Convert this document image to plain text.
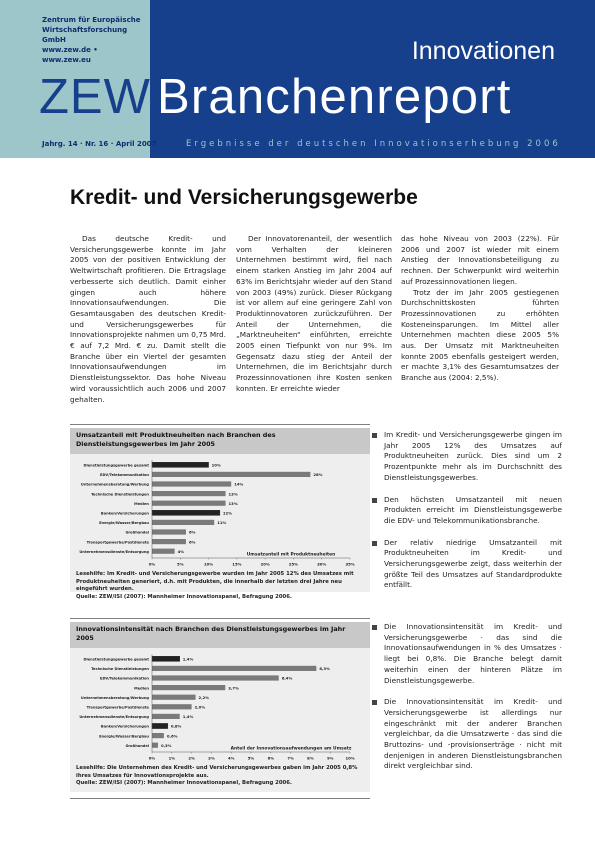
Zentrum für Europäische
Wirtschaftsforschung GmbH
www.zew.de • www.zew.eu
ZEW
Innovationen
Branchenreport
Jahrg. 14 · Nr. 16 · April 2007	Ergebnisse der deutschen Innovationserhebung 2006
Kredit- und Versicherungsgewerbe

Das deutsche Kredit- und Versicherungsgewerbe konnte im Jahr 2005 von der positiven Entwicklung der Weltwirtschaft profitieren. Die Ertragslage verbesserte sich deutlich. Damit einher gingen auch höhere Innovationsaufwendungen. Die Gesamtausgaben des deutschen Kredit- und Versicherungsgewerbes für Innovationsprojekte nahmen um 0,75 Mrd. € auf 7,2 Mrd. € zu. Damit stellt die Branche über ein Viertel der gesamten Innovationsaufwendungen im Dienstleistungssektor. Das hohe Niveau wird voraussichtlich auch 2006 und 2007 gehalten.

Der Innovatorenanteil, der wesentlich vom Verhalten der kleineren Unternehmen bestimmt wird, fiel nach einem starken Anstieg im Jahr 2004 auf 63% im Berichtsjahr wieder auf den Stand von 2003 (49%) zurück. Dieser Rückgang ist vor allem auf eine geringere Zahl von Produktinnovatoren zurückzuführen. Der Anteil der Unternehmen, die „Marktneuheiten“ einführten, erreichte 2005 einen Tiefpunkt von nur 9%. Im Gegensatz dazu stieg der Anteil der Unternehmen, die im Berichtsjahr durch Prozessinnovationen ihre Kosten senken konnten. Er erreichte wieder

das hohe Niveau von 2003 (22%). Für 2006 und 2007 ist wieder mit einem Anstieg der Innovationsbeteiligung zu rechnen. Der Schwerpunkt wird weiterhin auf Prozessinnovationen liegen.

Trotz der im Jahr 2005 gestiegenen Durchschnittskosten führten Prozessinnovationen zu erhöhten Kosteneinsparungen. Im Mittel aller Unternehmen machten diese 2005 5% aus. Der Umsatz mit Marktneuheiten konnte 2005 ebenfalls gesteigert werden, er machte 3,1% des Gesamtumsatzes der Branche aus (2004: 2,5%).

Umsatzanteil mit Produktneuheiten nach Branchen des Dienstleistungsgewerbes im Jahr 2005
Dienstleistungsgewerbe gesamt	10%
EDV/Telekommunikation	28%
Unternehmensberatung/Werbung	14%
Technische Dienstleistungen	13%
Medien	13%
Banken/Versicherungen	12%
Energie/Wasser/Bergbau	11%
Großhandel	6%
Transportgewerbe/Postdienste	6%
Unternehmensdienste/Entsorgung	4%
0%	5%	10%	15%	20%	25%	30%	35%
Umsatzanteil mit Produktneuheiten
Lesehilfe: Im Kredit- und Versicherungsgewerbe wurden im Jahr 2005 12% des Umsatzes mit Produktneuheiten generiert, d.h. mit Produkten, die innerhalb der letzten drei Jahre neu eingeführt wurden.
Quelle: ZEW/ISI (2007): Mannheimer Innovationspanel, Befragung 2006.
Innovationsintensität nach Branchen des Dienstleistungsgewerbes im Jahr 2005
Dienstleistungsgewerbe gesamt	1,4%
Technische Dienstleistungen	8,3%
EDV/Telekommunikation	6,4%
Medien	3,7%
Unternehmensberatung/Werbung	2,2%
Transportgewerbe/Postdienste	2,0%
Unternehmensdienste/Entsorgung	1,4%
Banken/Versicherungen	0,8%
Energie/Wasser/Bergbau	0,6%
Großhandel	0,3%
0%	1%	2%	3%	4%	5%	6%	7%	8%	9%	10%
Anteil der Innovationsaufwendungen am Umsatz
Lesehilfe: Die Unternehmen des Kredit- und Versicherungsgewerbes gaben im Jahr 2005 0,8% ihres Umsatzes für Innovationsprojekte aus.
Quelle: ZEW/ISI (2007): Mannheimer Innovationspanel, Befragung 2006.
Im Kredit- und Versicherungsgewerbe gingen im Jahr 2005 12% des Umsatzes auf Produktneuheiten zurück. Dies sind um 2 Prozentpunkte mehr als im Durchschnitt des Dienstleistungsgewerbes.
Den höchsten Umsatzanteil mit neuen Produkten erreicht im Dienstleistungsgewerbe die EDV- und Telekommunikationsbranche.
Der relativ niedrige Umsatzanteil mit Produktneuheiten im Kredit- und Versicherungsgewerbe zeigt, dass weiterhin der größte Teil des Umsatzes auf Standardprodukte entfällt.
Die Innovationsintensität im Kredit- und Versicherungsgewerbe · das sind die Innovationsaufwendungen in % des Umsatzes · liegt bei 0,8%. Die Branche belegt damit weiterhin einen der hinteren Plätze im Dienstleistungsgewerbe.
Die Innovationsintensität im Kredit- und Versicherungsgewerbe ist allerdings nur eingeschränkt mit der anderer Branchen vergleichbar, da die Umsatzwerte · das sind die Bruttozins- und -provisionserträge · nicht mit denjenigen in anderen Dienstleistungsbranchen direkt vergleichbar sind.
